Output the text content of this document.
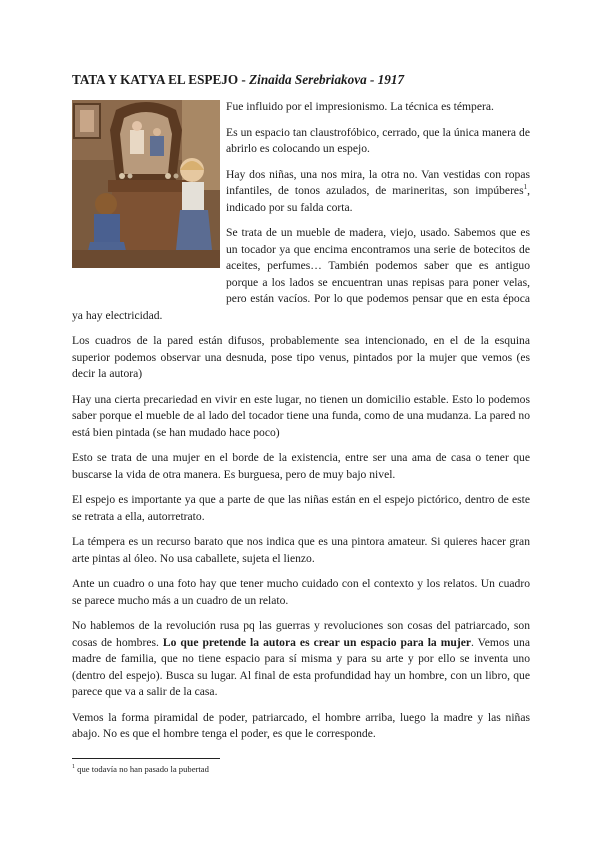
TATA Y KATYA EL ESPEJO - Zinaida Serebriakova - 1917

Fue influido por el impresionismo. La técnica es témpera.

Es un espacio tan claustrofóbico, cerrado, que la única manera de abrirlo es colocando un espejo.

Hay dos niñas, una nos mira, la otra no. Van vestidas con ropas infantiles, de tonos azulados, de marineritas, son impúberes$^1$, indicado por su falda corta.

Se trata de un mueble de madera, viejo, usado. Sabemos que es un tocador ya que encima encontramos una serie de botecitos de aceites, perfumes… También podemos saber que es antiguo porque a los lados se encuentran unas repisas para poner velas, pero están vacíos. Por lo que podemos pensar que en esta época ya hay electricidad.

Los cuadros de la pared están difusos, probablemente sea intencionado, en el de la esquina superior podemos observar una desnuda, pose tipo venus, pintados por la mujer que vemos (es decir la autora)

Hay una cierta precariedad en vivir en este lugar, no tienen un domicilio estable. Esto lo podemos saber porque el mueble de al lado del tocador tiene una funda, como de una mudanza. La pared no está bien pintada (se han mudado hace poco)

Esto se trata de una mujer en el borde de la existencia, entre ser una ama de casa o tener que buscarse la vida de otra manera. Es burguesa, pero de muy bajo nivel.

El espejo es importante ya que a parte de que las niñas están en el espejo pictórico, dentro de este se retrata a ella, autorretrato.

La témpera es un recurso barato que nos indica que es una pintora amateur. Si quieres hacer gran arte pintas al óleo. No usa caballete, sujeta el lienzo.

Ante un cuadro o una foto hay que tener mucho cuidado con el contexto y los relatos. Un cuadro se parece mucho más a un cuadro de un relato.

No hablemos de la revolución rusa pq las guerras y revoluciones son cosas del patriarcado, son cosas de hombres. Lo que pretende la autora es crear un espacio para la mujer. Vemos una madre de familia, que no tiene espacio para sí misma y para su arte y por ello se inventa uno (dentro del espejo). Busca su lugar. Al final de esta profundidad hay un hombre, con un libro, que parece que va a salir de la casa.

Vemos la forma piramidal de poder, patriarcado, el hombre arriba, luego la madre y las niñas abajo. No es que el hombre tenga el poder, es que le corresponde.

$^1$ que todavía no han pasado la pubertad
